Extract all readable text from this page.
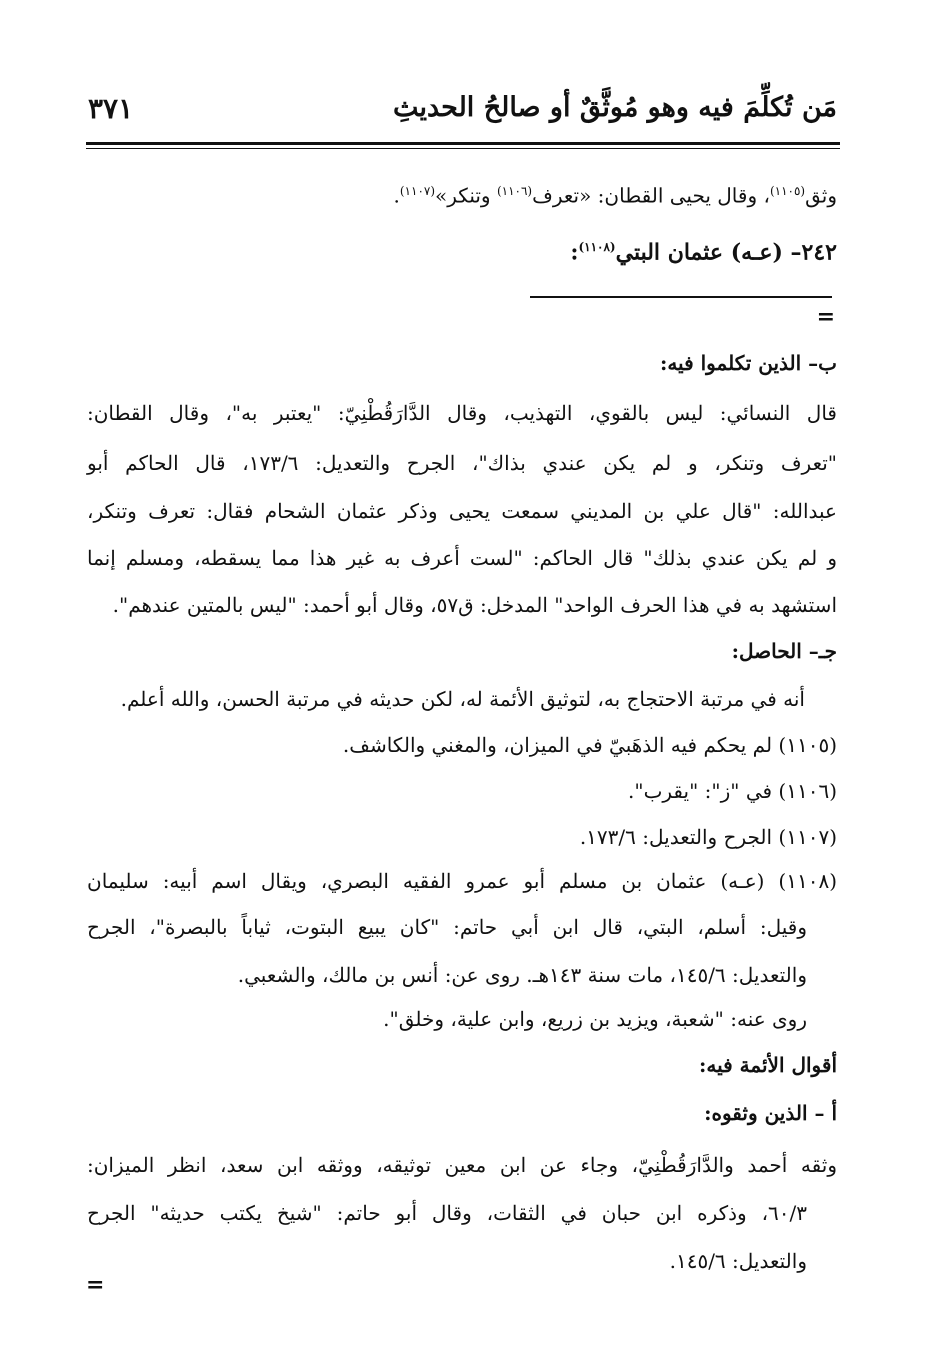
مَن تُكلِّمَ فيه وهو مُوثَّقٌ أو صالحُ الحديثِ
٣٧١
وثق$^{(١١٠٥)}$، وقال يحيى القطان: «تعرف$^{(١١٠٦)}$ وتنكر»$^{(١١٠٧)}$.
٢٤٢– (عـه) عثمان البتي$^{(١١٠٨)}$:
=
ب– الذين تكلموا فيه:
قال النسائي: ليس بالقوي، التهذيب، وقال الدَّارَقُطْنِيّ: "يعتبر به"، وقال القطان:
"تعرف وتنكر، و لم يكن عندي بذاك"، الجرح والتعديل: ١٧٣/٦، قال الحاكم أبو
عبدالله: "قال علي بن المديني سمعت يحيى وذكر عثمان الشحام فقال: تعرف وتنكر،
و لم يكن عندي بذلك" قال الحاكم: "لست أعرف به غير هذا مما يسقطه، ومسلم إنما
استشهد به في هذا الحرف الواحد" المدخل: ق٥٧، وقال أبو أحمد: "ليس بالمتين عندهم".
جـ– الحاصل:
أنه في مرتبة الاحتجاج به، لتوثيق الأئمة له، لكن حديثه في مرتبة الحسن، والله أعلم.
(١١٠٥) لم يحكم فيه الذهَبيّ في الميزان، والمغني والكاشف.
(١١٠٦) في "ز": "يقرب".
(١١٠٧) الجرح والتعديل: ١٧٣/٦.
(١١٠٨) (عـه) عثمان بن مسلم أبو عمرو الفقيه البصري، ويقال اسم أبيه: سليمان
وقيل: أسلم، البتي، قال ابن أبي حاتم: "كان يبيع البتوت، ثياباً بالبصرة"، الجرح
والتعديل: ١٤٥/٦، مات سنة ١٤٣هـ. روى عن: أنس بن مالك، والشعبي.
روى عنه: "شعبة، ويزيد بن زريع، وابن علية، وخلق".
أقوال الأئمة فيه:
أ – الذين وثقوه:
وثقه أحمد والدَّارَقُطْنِيّ، وجاء عن ابن معين توثيقه، ووثقه ابن سعد، انظر الميزان:
٦٠/٣، وذكره ابن حبان في الثقات، وقال أبو حاتم: "شيخ يكتب حديثه" الجرح
والتعديل: ١٤٥/٦.
=
